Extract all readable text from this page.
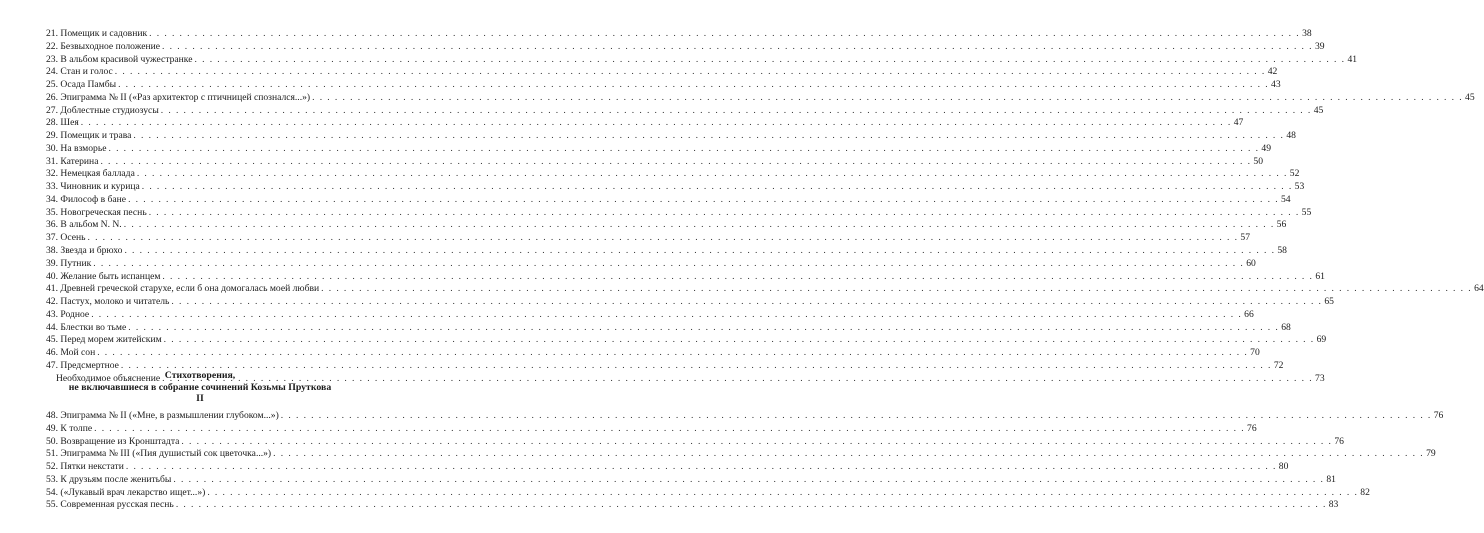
21. Помещик и садовник . . .	38
22. Безвыходное положение . . .	39
23. В альбом красивой чужестранке . . .	41
24. Стан и голос . . .	42
25. Осада Памбы . . .	43
26. Эпиграмма № II («Раз архитектор с птичницей спознался...») . . .	45
27. Доблестные студиозусы . . .	45
28. Шея . . .	47
29. Помещик и трава . . .	48
30. На взморье . . .	49
31. Катерина . . .	50
32. Немецкая баллада . . .	52
33. Чиновник и курица . . .	53
34. Философ в бане . . .	54
35. Новогреческая песнь . . .	55
36. В альбом N. N. . . .	56
37. Осень . . .	57
38. Звезда и брюхо . . .	58
39. Путник . . .	60
40. Желание быть испанцем . . .	61
41. Древней греческой старухе, если б она домогалась моей любви . . .	64
42. Пастух, молоко и читатель . . .	65
43. Родное . . .	66
44. Блестки во тьме . . .	68
45. Перед морем житейским . . .	69
46. Мой сон . . .	70
47. Предсмертное . . .	72
Необходимое объяснение . . .	73
Стихотворения,
не включавшиеся в собрание сочинений Козьмы Пруткова
II
48. Эпиграмма № II («Мне, в размышлении глубоком...») . . .	76
49. К толпе . . .	76
50. Возвращение из Кронштадта . . .	76
51. Эпиграмма № III («Пия душистый сок цветочка...») . . .	79
52. Пятки некстати . . .	80
53. К друзьям после женитьбы . . .	81
54. («Лукавый врач лекарство ищет...») . . .	82
55. Современная русская песнь . . .	83
